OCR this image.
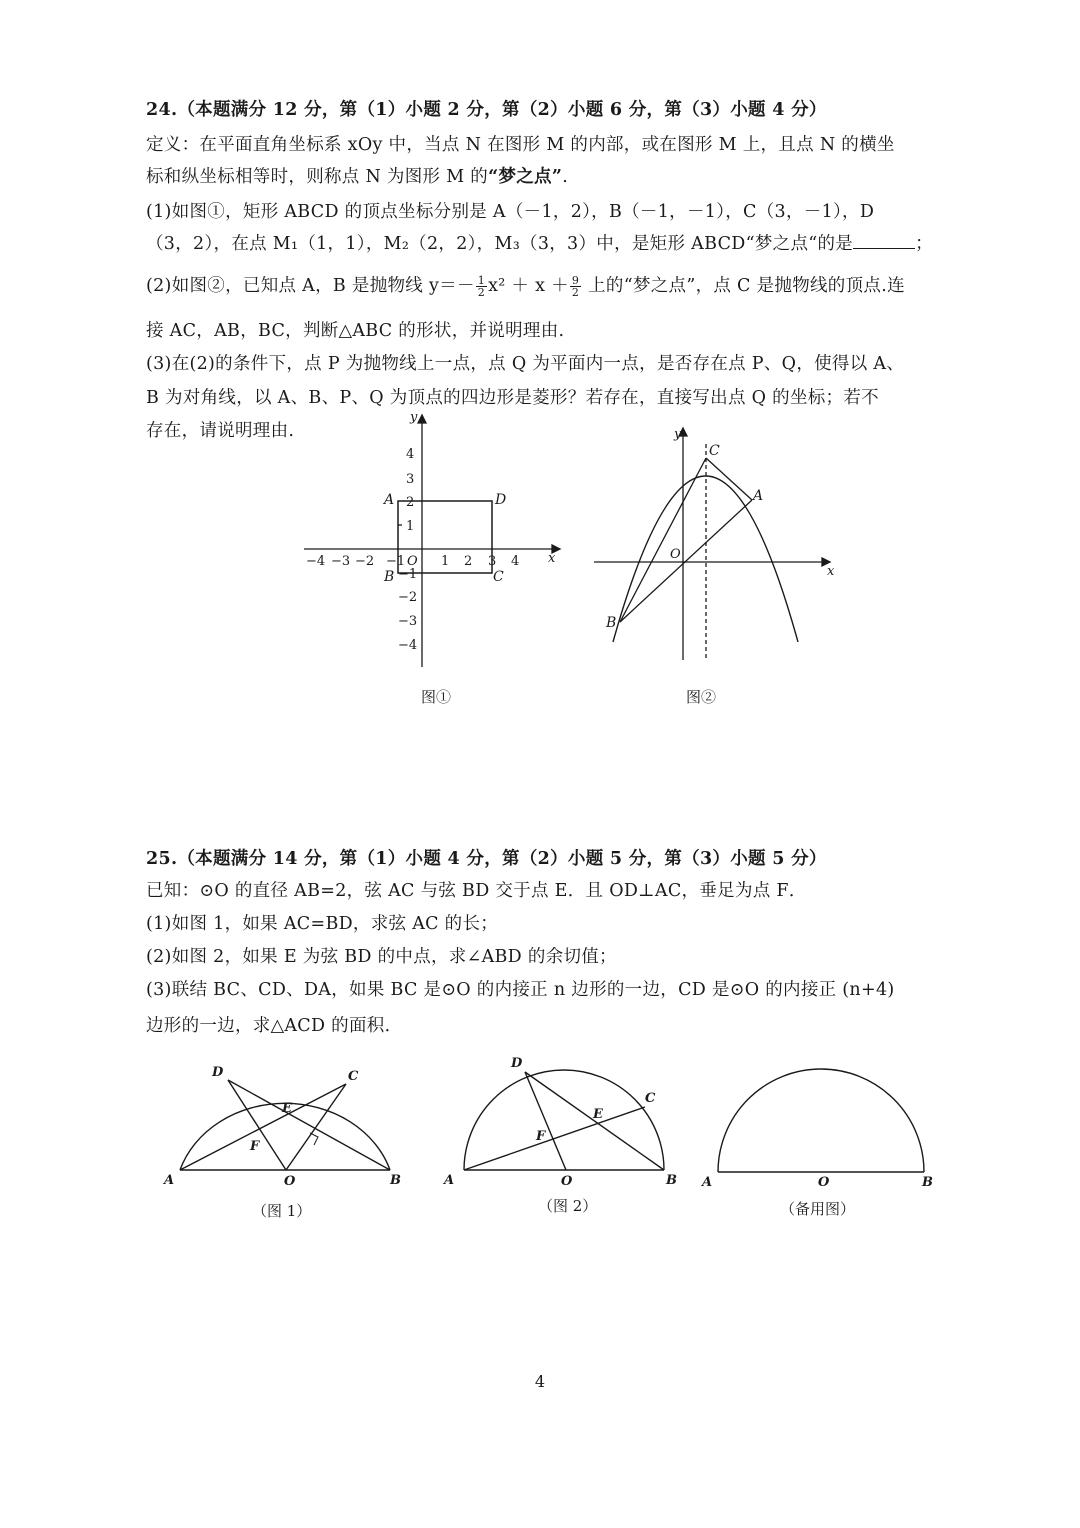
24.（本题满分 12 分，第（1）小题 2 分，第（2）小题 6 分，第（3）小题 4 分）
定义：在平面直角坐标系 xOy 中，当点 N 在图形 M 的内部，或在图形 M 上，且点 N 的横坐
标和纵坐标相等时，则称点 N 为图形 M 的“梦之点”.
(1)如图①，矩形 ABCD 的顶点坐标分别是 A（－1，2），B（－1，－1），C（3，－1），D
（3，2），在点 M₁（1，1），M₂（2，2），M₃（3，3）中，是矩形 ABCD“梦之点“的是	；
(2)如图②，已知点 A，B 是抛物线 $y=- \frac{1}{2} x^2 + x + \frac{9}{2}$ 上的“梦之点”，点 C 是抛物线的顶点.连
接 AC，AB，BC，判断△ABC 的形状，并说明理由.
(3)在(2)的条件下，点 P 为抛物线上一点，点 Q 为平面内一点，是否存在点 P、Q，使得以 A、
B 为对角线，以 A、B、P、Q 为顶点的四边形是菱形？若存在，直接写出点 Q 的坐标；若不
存在，请说明理由.
y
x
O
−4 −3 −2 −1	1 2 3 4
4
3
2
1
−1
−2
−3
−4
A
B	C
D
图①
y
x
O
A
B
C
图②
25.（本题满分 14 分，第（1）小题 4 分，第（2）小题 5 分，第（3）小题 5 分）
已知：⊙O 的直径 AB=2，弦 AC 与弦 BD 交于点 E．且 OD⊥AC，垂足为点 F．
(1)如图 1，如果 AC=BD，求弦 AC 的长；
(2)如图 2，如果 E 为弦 BD 的中点，求∠ABD 的余切值；
(3)联结 BC、CD、DA，如果 BC 是⊙O 的内接正 n 边形的一边，CD 是⊙O 的内接正 (n+4)
边形的一边，求△ACD 的面积．
D	C
E
F
A	O	B
（图 1）
D
C
E
F
A	O	B
（图 2）
A	O	B
（备用图）
4
